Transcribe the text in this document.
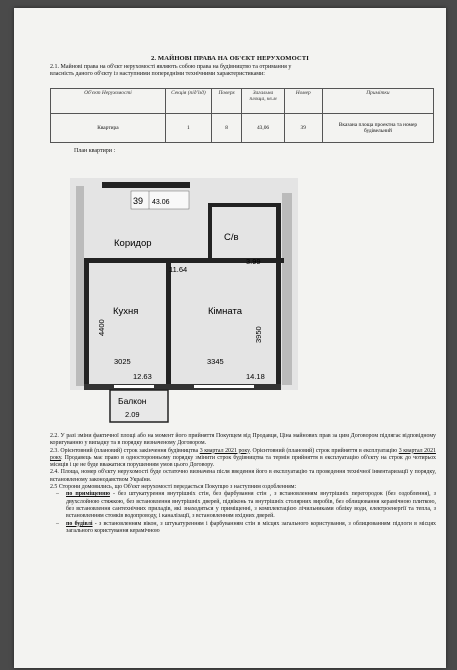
2. МАЙНОВІ ПРАВА НА ОБ'ЄКТ НЕРУХОМОСТІ
2.1. Майнові права на об'єкт нерухомості являють собою права на будівництво та отримання у
власність даного об'єкту із наступними попередніми технічними характеристиками:
Об'єкт Нерухомості	Секція (під'їзд)	Поверх	Загальна площа, кв.м	Номер	Примітки
Квартира	1	8	43,06	39	Вказана площа проектна та номер будівельний
План квартири :
39 43.06
Коридор
11.64
С/в
3.99
Кухня
3025
12.63
4400
Кімната
3345
14.18
3950
Балкон
2.09

2.2. У разі зміни фактичної площі або на момент його прийняття Покупцем від Продавця, Ціна майнових прав за цим Договором підлягає відповідному коригуванню у випадку та в порядку визначеному Договором.

2.3. Орієнтовний (плановий) строк закінчення будівництва 3 квартал 2021 року. Орієнтовний (плановий) строк прийняття в експлуатацію 3 квартал 2021 року. Продавець має право в односторонньому порядку змінити строк будівництва та термін прийняття в експлуатацію об'єкту на строк до чотирьох місяців і це не буде вважатися порушенням умов цього Договору.

2.4. Площа, номер об'єкту нерухомості буде остаточно визначена після введення його в експлуатацію та проведення технічної інвентаризації у порядку, встановленому законодавством України.

2.5 Сторони домовились, що Об'єкт нерухомості передається Покупцю з наступним оздобленням:

– по приміщенню - без штукатурення внутрішніх стін, без фарбування стін , з встановленням внутрішніх перегородок (без оздоблення), з двухслойною стяжкою, без встановлення внутрішніх дверей, підвіконь та внутрішніх столярних виробів, без облицювання керамічною плиткою, без встановлення сантехнічних приладів, які знаходяться у приміщенні, з комплектацією лічильниками обліку води, електроенергії та тепла, з встановленням стояків водопроводу, і каналізації, з встановленням вхідних дверей.
– по будівлі - з встановленням вікон, з штукатуренням і фарбуванням стін в місцях загального користування, з облицюванням підлоги в місцях загального користування керамічною
